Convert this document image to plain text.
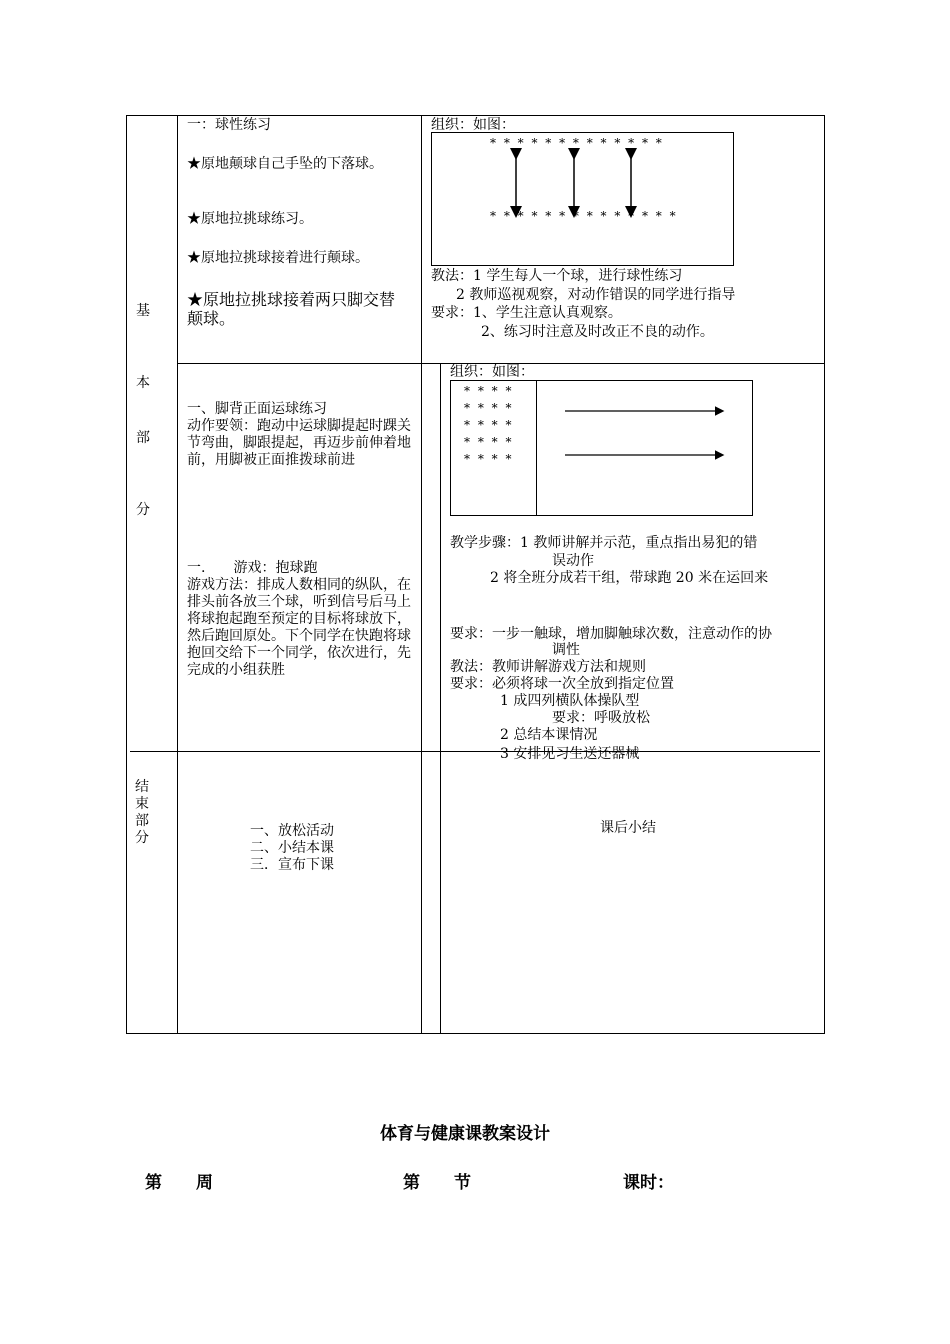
基
本
部
分
结
束
部
分
一：球性练习
★原地颠球自己手坠的下落球。
★原地拉挑球练习。
★原地拉挑球接着进行颠球。
★原地拉挑球接着两只脚交替颠球。
组织：如图：
* * * * * * * * * * * * *
* * * * * * * * * * * * * *
教法：1 学生每人一个球，进行球性练习
2 教师巡视观察，对动作错误的同学进行指导
要求：1、学生注意认真观察。
2、练习时注意及时改正不良的动作。
一、脚背正面运球练习
动作要领：跑动中运球脚提起时踝关节弯曲，脚跟提起，再迈步前伸着地前，用脚被正面推拨球前进
一.　　游戏：抱球跑
游戏方法：排成人数相同的纵队，在排头前各放三个球，听到信号后马上将球抱起跑至预定的目标将球放下，然后跑回原处。下个同学在快跑将球抱回交给下一个同学，依次进行，先完成的小组获胜
组织：如图：
* * * *
* * * *
* * * *
* * * *
* * * *
教学步骤：1 教师讲解并示范，重点指出易犯的错
误动作
2 将全班分成若干组，带球跑 20 米在运回来
要求：一步一触球，增加脚触球次数，注意动作的协
调性
教法：教师讲解游戏方法和规则
要求：必须将球一次全放到指定位置
1 成四列横队体操队型
要求：呼吸放松
2 总结本课情况
3 安排见习生送还器械
一、放松活动
二、小结本课
三．宣布下课
课后小结
体育与健康课教案设计
第　　周	第　　节	课时：
